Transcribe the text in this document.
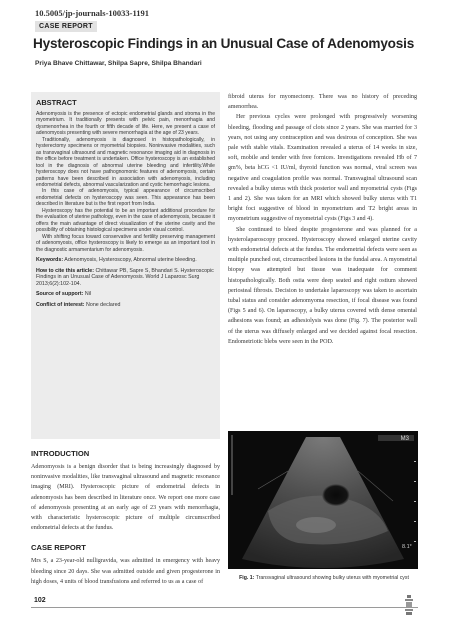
10.5005/jp-journals-10033-1191
CASE REPORT
Hysteroscopic Findings in an Unusual Case of Adenomyosis
Priya Bhave Chittawar, Shilpa Sapre, Shilpa Bhandari
ABSTRACT

Adenomyosis is the presence of ectopic endometrial glands and stroma in the myometrium. It traditionally presents with pelvic pain, menorrhagia and dysmenorrhea in the fourth or fifth decade of life. Here, we present a case of adenomyosis presenting with severe menorrhagia at the age of 23 years.

Traditionally, adenomyosis is diagnosed in histopathologically, in hysterectomy specimens or myometrial biopsies. Noninvasive modalities, such as transvaginal ultrasound and magnetic resonance imaging aid in diagnosis in the office before treatment is undertaken. Office hysteroscopy is an established tool in the diagnosis of abnormal uterine bleeding and infertility.While hysteroscopy does not have pathognomonic features of adenomyosis, certain patterns have been described in association with adenomyosis, including endometrial defects, abnormal vascularization and cystic hemorrhagic lesions.

In this case of adenomyosis, typical appearance of circumscribed endometrial defects on hysteroscopy was seen. This appearance has been described in literature but is the first report from India.

Hysteroscopy has the potential to be an important additional procedure for the evaluation of uterine pathology, even in the case of adenomyosis, because it offers the main advantage of direct visualization of the uterine cavity and the possibility of obtaining histological specimens under visual control.

With shifting focus toward conservative and fertility preserving management of adenomyosis, office hysteroscopy is likely to emerge as an important tool in the diagnostic armamentarium for adenomyosis.

Keywords: Adenomyosis, Hysteroscopy, Abnormal uterine bleeding.
How to cite this article: Chittawar PB, Sapre S, Bhandari S. Hysteroscopic Findings in an Unusual Case of Adenomyosis. World J Laparosc Surg 2013;6(2):102-104.
Source of support: Nil
Conflict of interest: None declared
INTRODUCTION

Adenomyosis is a benign disorder that is being increasingly diagnosed by noninvasive modalities, like transvaginal ultrasound and magnetic resonance imaging (MRI). Hysteroscopic picture of endometrial defects in adenomyosis has been described in literature once. We report one more case of adenomyosis presenting at an early age of 23 years with menorrhagia, with characteristic hysteroscopic picture of multiple circumscribed endometrial defects at the fundus.

CASE REPORT

Mrs S, a 23-year-old nulligravida, was admitted in emergency with heavy bleeding since 20 days. She was admitted outside and given progesterone in high doses, 4 units of blood transfusions and referred to us as a case of

fibroid uterus for myomectomy. There was no history of preceding amenorrhea.

Her previous cycles were prolonged with progressively worsening bleeding, flooding and passage of clots since 2 years. She was married for 3 years, not using any contraception and was desirous of conception. She was pale with stable vitals. Examination revealed a uterus of 14 weeks in size, soft, mobile and tender with free fornices. Investigations revealed Hb of 7 gm%, beta hCG <1 IU/ml, thyroid function was normal, viral screen was negative and coagulation profile was normal. Transvaginal ultrasound scan revealed a bulky uterus with thick posterior wall and myometrial cysts (Figs 1 and 2). She was taken for an MRI which showed bulky uterus with T1 bright foci suggestive of blood in myometrium and T2 bright areas in myometrium suggestive of myometrial cysts (Figs 3 and 4).

She continued to bleed despite progesterone and was planned for a hysterolaparoscopy proceed. Hysteroscopy showed enlarged uterine cavity with endometrial defects at the fundus. The endometrial defects were seen as multiple punched out, circumscribed lesions in the fundal area. A myometrial biopsy was attempted but tissue was inadequate for comment histopathologically. Both ostia were deep seated and right ostium showed periosteal fibrosis. Decision to undertake laparoscopy was taken to ascertain tubal status and consider adenomyoma resection, if focal disease was found (Figs 5 and 6). On laparoscopy, a bulky uterus covered with dense omental adhesions was found; an adhesiolysis was done (Fig. 7). The posterior wall of the uterus was diffusely enlarged and we decided against focal resection. Endometriotic blebs were seen in the POD.

M3
8.1*
Fig. 1: Transvaginal ultrasound showing bulky uterus with myometrial cyst
102
